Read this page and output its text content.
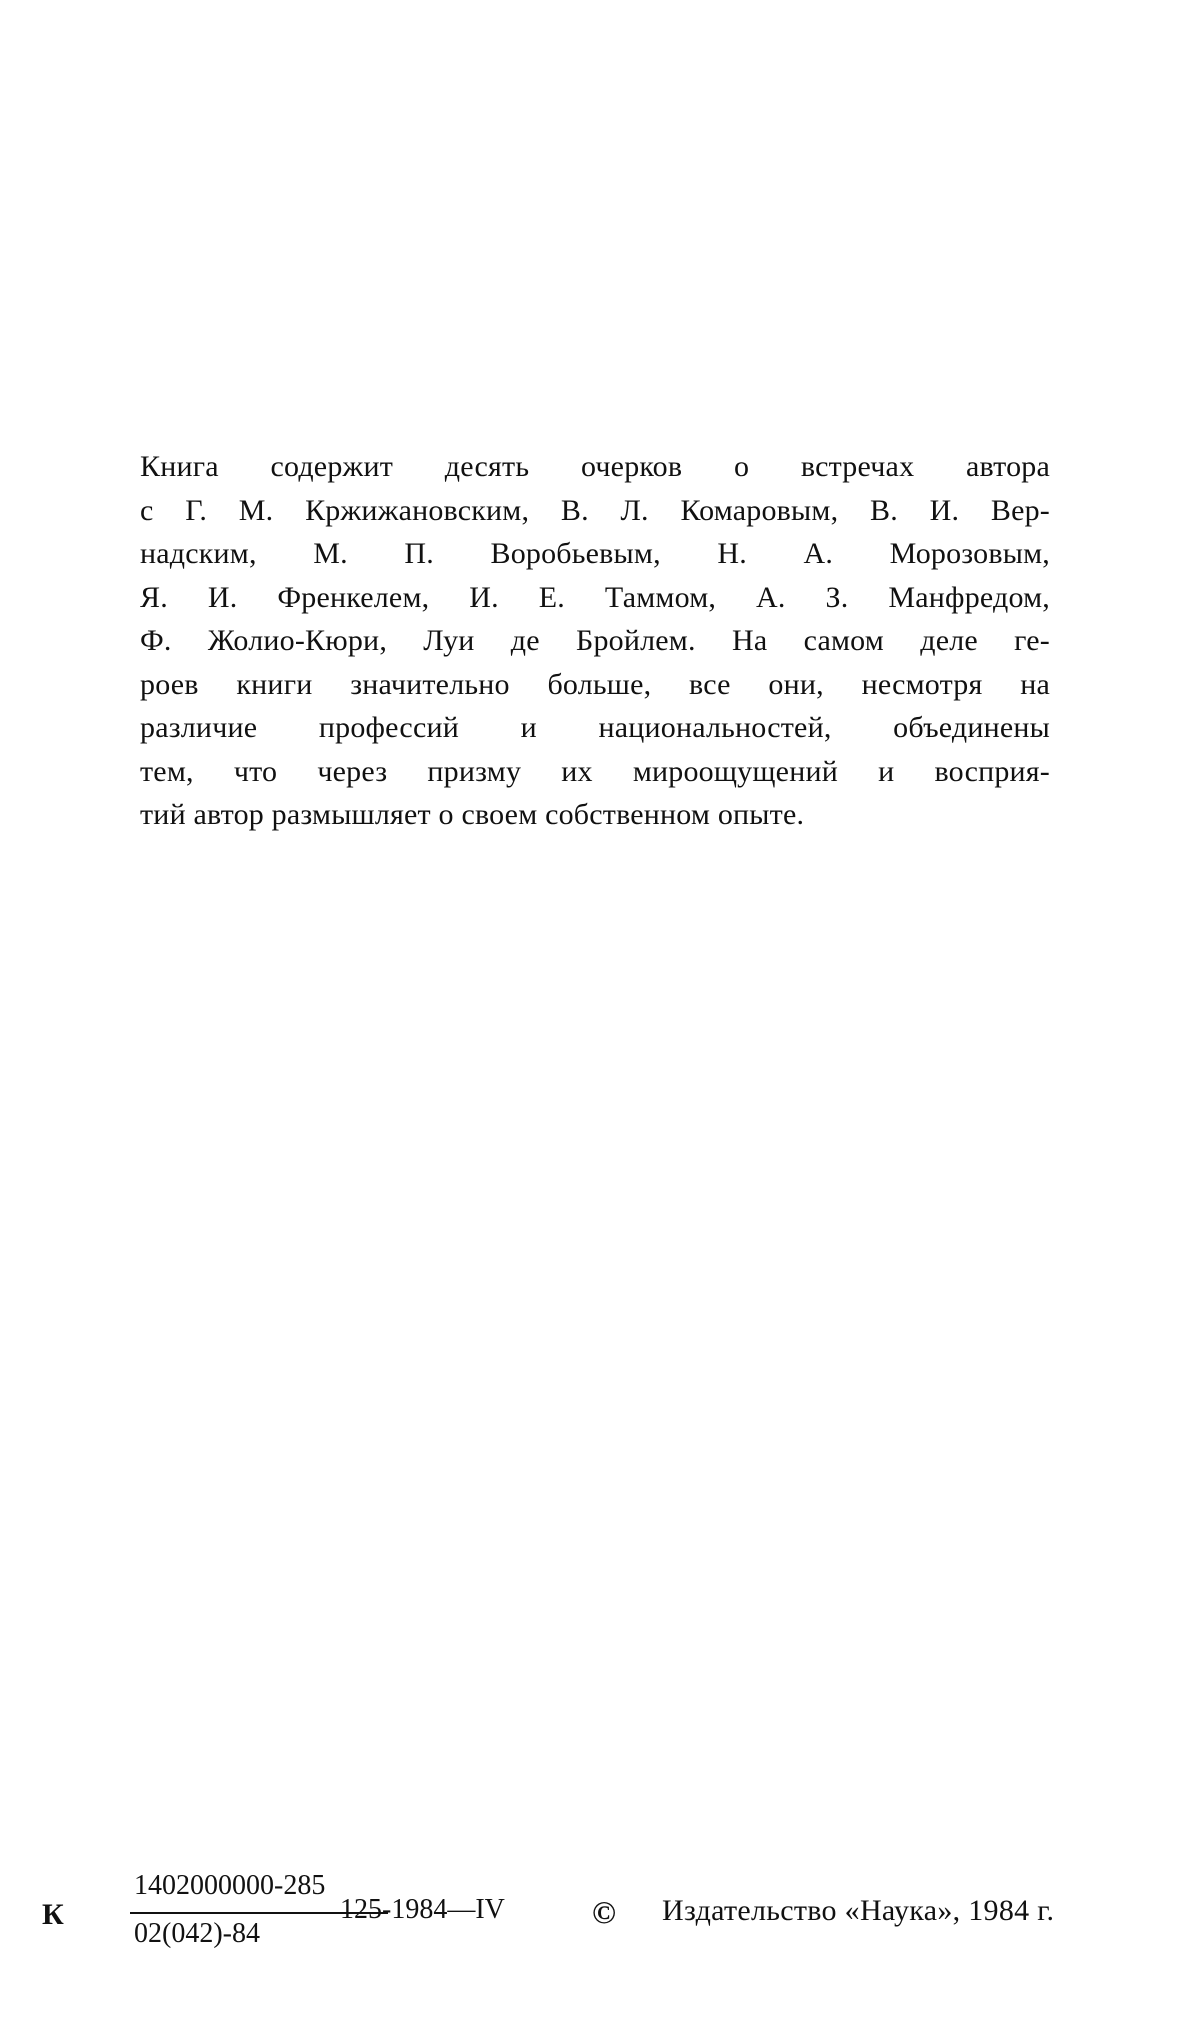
Книга содержит десять очерков о встречах автора
с Г. М. Кржижановским, В. Л. Комаровым, В. И. Вер-
надским, М. П. Воробьевым, Н. А. Морозовым,
Я. И. Френкелем, И. Е. Таммом, А. З. Манфредом,
Ф. Жолио-Кюри, Луи де Бройлем. На самом деле ге-
роев книги значительно больше, все они, несмотря на
различие профессий и национальностей, объединены
тем, что через призму их мироощущений и восприя-
тий автор размышляет о своем собственном опыте.
К
1402000000-285
02(042)-84
125-1984—IV	© Издательство «Наука», 1984 г.
